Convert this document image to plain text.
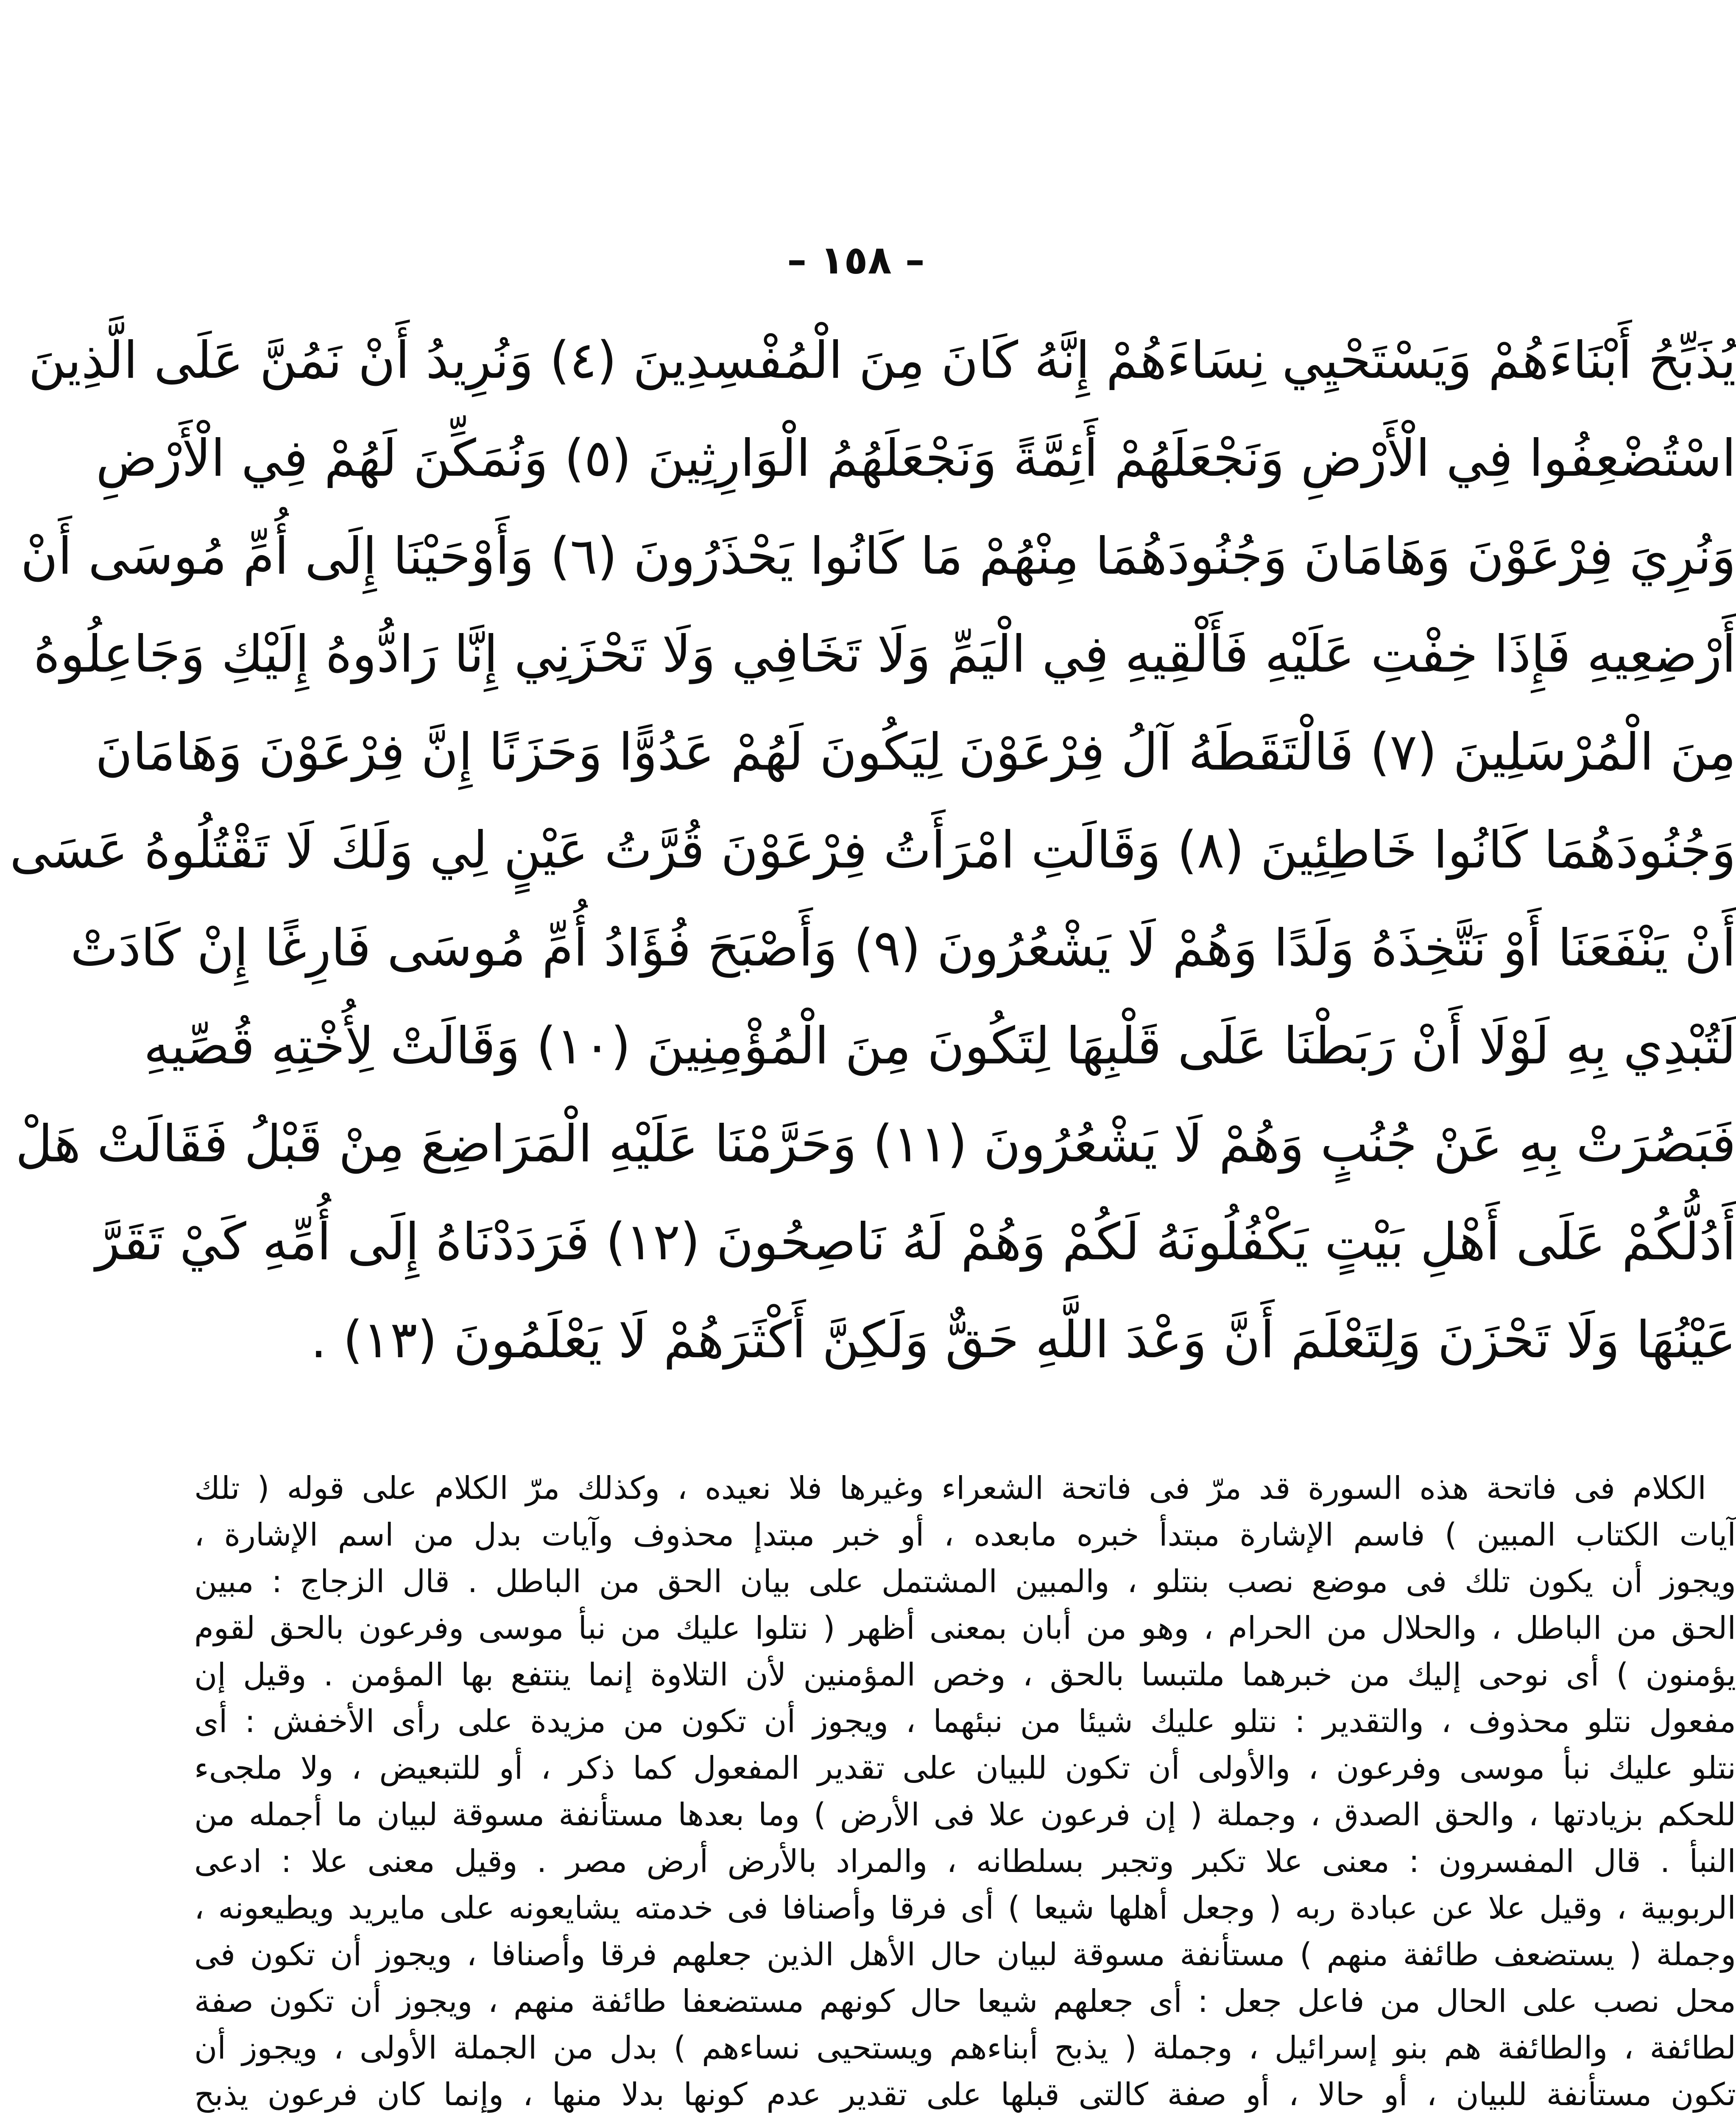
– ١٥٨ –
يُذَبِّحُ أَبْنَاءَهُمْ وَيَسْتَحْيِي نِسَاءَهُمْ إِنَّهُ كَانَ مِنَ الْمُفْسِدِينَ (٤) وَنُرِيدُ أَنْ نَمُنَّ عَلَى الَّذِينَ
اسْتُضْعِفُوا فِي الْأَرْضِ وَنَجْعَلَهُمْ أَئِمَّةً وَنَجْعَلَهُمُ الْوَارِثِينَ (٥) وَنُمَكِّنَ لَهُمْ فِي الْأَرْضِ
وَنُرِيَ فِرْعَوْنَ وَهَامَانَ وَجُنُودَهُمَا مِنْهُمْ مَا كَانُوا يَحْذَرُونَ (٦) وَأَوْحَيْنَا إِلَى أُمِّ مُوسَى أَنْ
أَرْضِعِيهِ فَإِذَا خِفْتِ عَلَيْهِ فَأَلْقِيهِ فِي الْيَمِّ وَلَا تَخَافِي وَلَا تَحْزَنِي إِنَّا رَادُّوهُ إِلَيْكِ وَجَاعِلُوهُ
مِنَ الْمُرْسَلِينَ (٧) فَالْتَقَطَهُ آلُ فِرْعَوْنَ لِيَكُونَ لَهُمْ عَدُوًّا وَحَزَنًا إِنَّ فِرْعَوْنَ وَهَامَانَ
وَجُنُودَهُمَا كَانُوا خَاطِئِينَ (٨) وَقَالَتِ امْرَأَتُ فِرْعَوْنَ قُرَّتُ عَيْنٍ لِي وَلَكَ لَا تَقْتُلُوهُ عَسَى
أَنْ يَنْفَعَنَا أَوْ نَتَّخِذَهُ وَلَدًا وَهُمْ لَا يَشْعُرُونَ (٩) وَأَصْبَحَ فُؤَادُ أُمِّ مُوسَى فَارِغًا إِنْ كَادَتْ
لَتُبْدِي بِهِ لَوْلَا أَنْ رَبَطْنَا عَلَى قَلْبِهَا لِتَكُونَ مِنَ الْمُؤْمِنِينَ (١٠) وَقَالَتْ لِأُخْتِهِ قُصِّيهِ
فَبَصُرَتْ بِهِ عَنْ جُنُبٍ وَهُمْ لَا يَشْعُرُونَ (١١) وَحَرَّمْنَا عَلَيْهِ الْمَرَاضِعَ مِنْ قَبْلُ فَقَالَتْ هَلْ
أَدُلُّكُمْ عَلَى أَهْلِ بَيْتٍ يَكْفُلُونَهُ لَكُمْ وَهُمْ لَهُ نَاصِحُونَ (١٢) فَرَدَدْنَاهُ إِلَى أُمِّهِ كَيْ تَقَرَّ
عَيْنُهَا وَلَا تَحْزَنَ وَلِتَعْلَمَ أَنَّ وَعْدَ اللَّهِ حَقٌّ وَلَكِنَّ أَكْثَرَهُمْ لَا يَعْلَمُونَ (١٣) .
الكلام فى فاتحة هذه السورة قد مرّ فى فاتحة الشعراء وغيرها فلا نعيده ، وكذلك مرّ الكلام على قوله ( تلك
آيات الكتاب المبين ) فاسم الإشارة مبتدأ خبره مابعده ، أو خبر مبتدإ محذوف وآيات بدل من اسم الإشارة ،
ويجوز أن يكون تلك فى موضع نصب بنتلو ، والمبين المشتمل على بيان الحق من الباطل . قال الزجاج : مبين
الحق من الباطل ، والحلال من الحرام ، وهو من أبان بمعنى أظهر ( نتلوا عليك من نبأ موسى وفرعون بالحق لقوم
يؤمنون ) أى نوحى إليك من خبرهما ملتبسا بالحق ، وخص المؤمنين لأن التلاوة إنما ينتفع بها المؤمن . وقيل إن
مفعول نتلو محذوف ، والتقدير : نتلو عليك شيئا من نبئهما ، ويجوز أن تكون من مزيدة على رأى الأخفش : أى
نتلو عليك نبأ موسى وفرعون ، والأولى أن تكون للبيان على تقدير المفعول كما ذكر ، أو للتبعيض ، ولا ملجىء
للحكم بزيادتها ، والحق الصدق ، وجملة ( إن فرعون علا فى الأرض ) وما بعدها مستأنفة مسوقة لبيان ما أجمله من
النبأ . قال المفسرون : معنى علا تكبر وتجبر بسلطانه ، والمراد بالأرض أرض مصر . وقيل معنى علا : ادعى
الربوبية ، وقيل علا عن عبادة ربه ( وجعل أهلها شيعا ) أى فرقا وأصنافا فى خدمته يشايعونه على مايريد ويطيعونه ،
وجملة ( يستضعف طائفة منهم ) مستأنفة مسوقة لبيان حال الأهل الذين جعلهم فرقا وأصنافا ، ويجوز أن تكون فى
محل نصب على الحال من فاعل جعل : أى جعلهم شيعا حال كونهم مستضعفا طائفة منهم ، ويجوز أن تكون صفة
لطائفة ، والطائفة هم بنو إسرائيل ، وجملة ( يذبح أبناءهم ويستحيى نساءهم ) بدل من الجملة الأولى ، ويجوز أن
تكون مستأنفة للبيان ، أو حالا ، أو صفة كالتى قبلها على تقدير عدم كونها بدلا منها ، وإنما كان فرعون يذبح
